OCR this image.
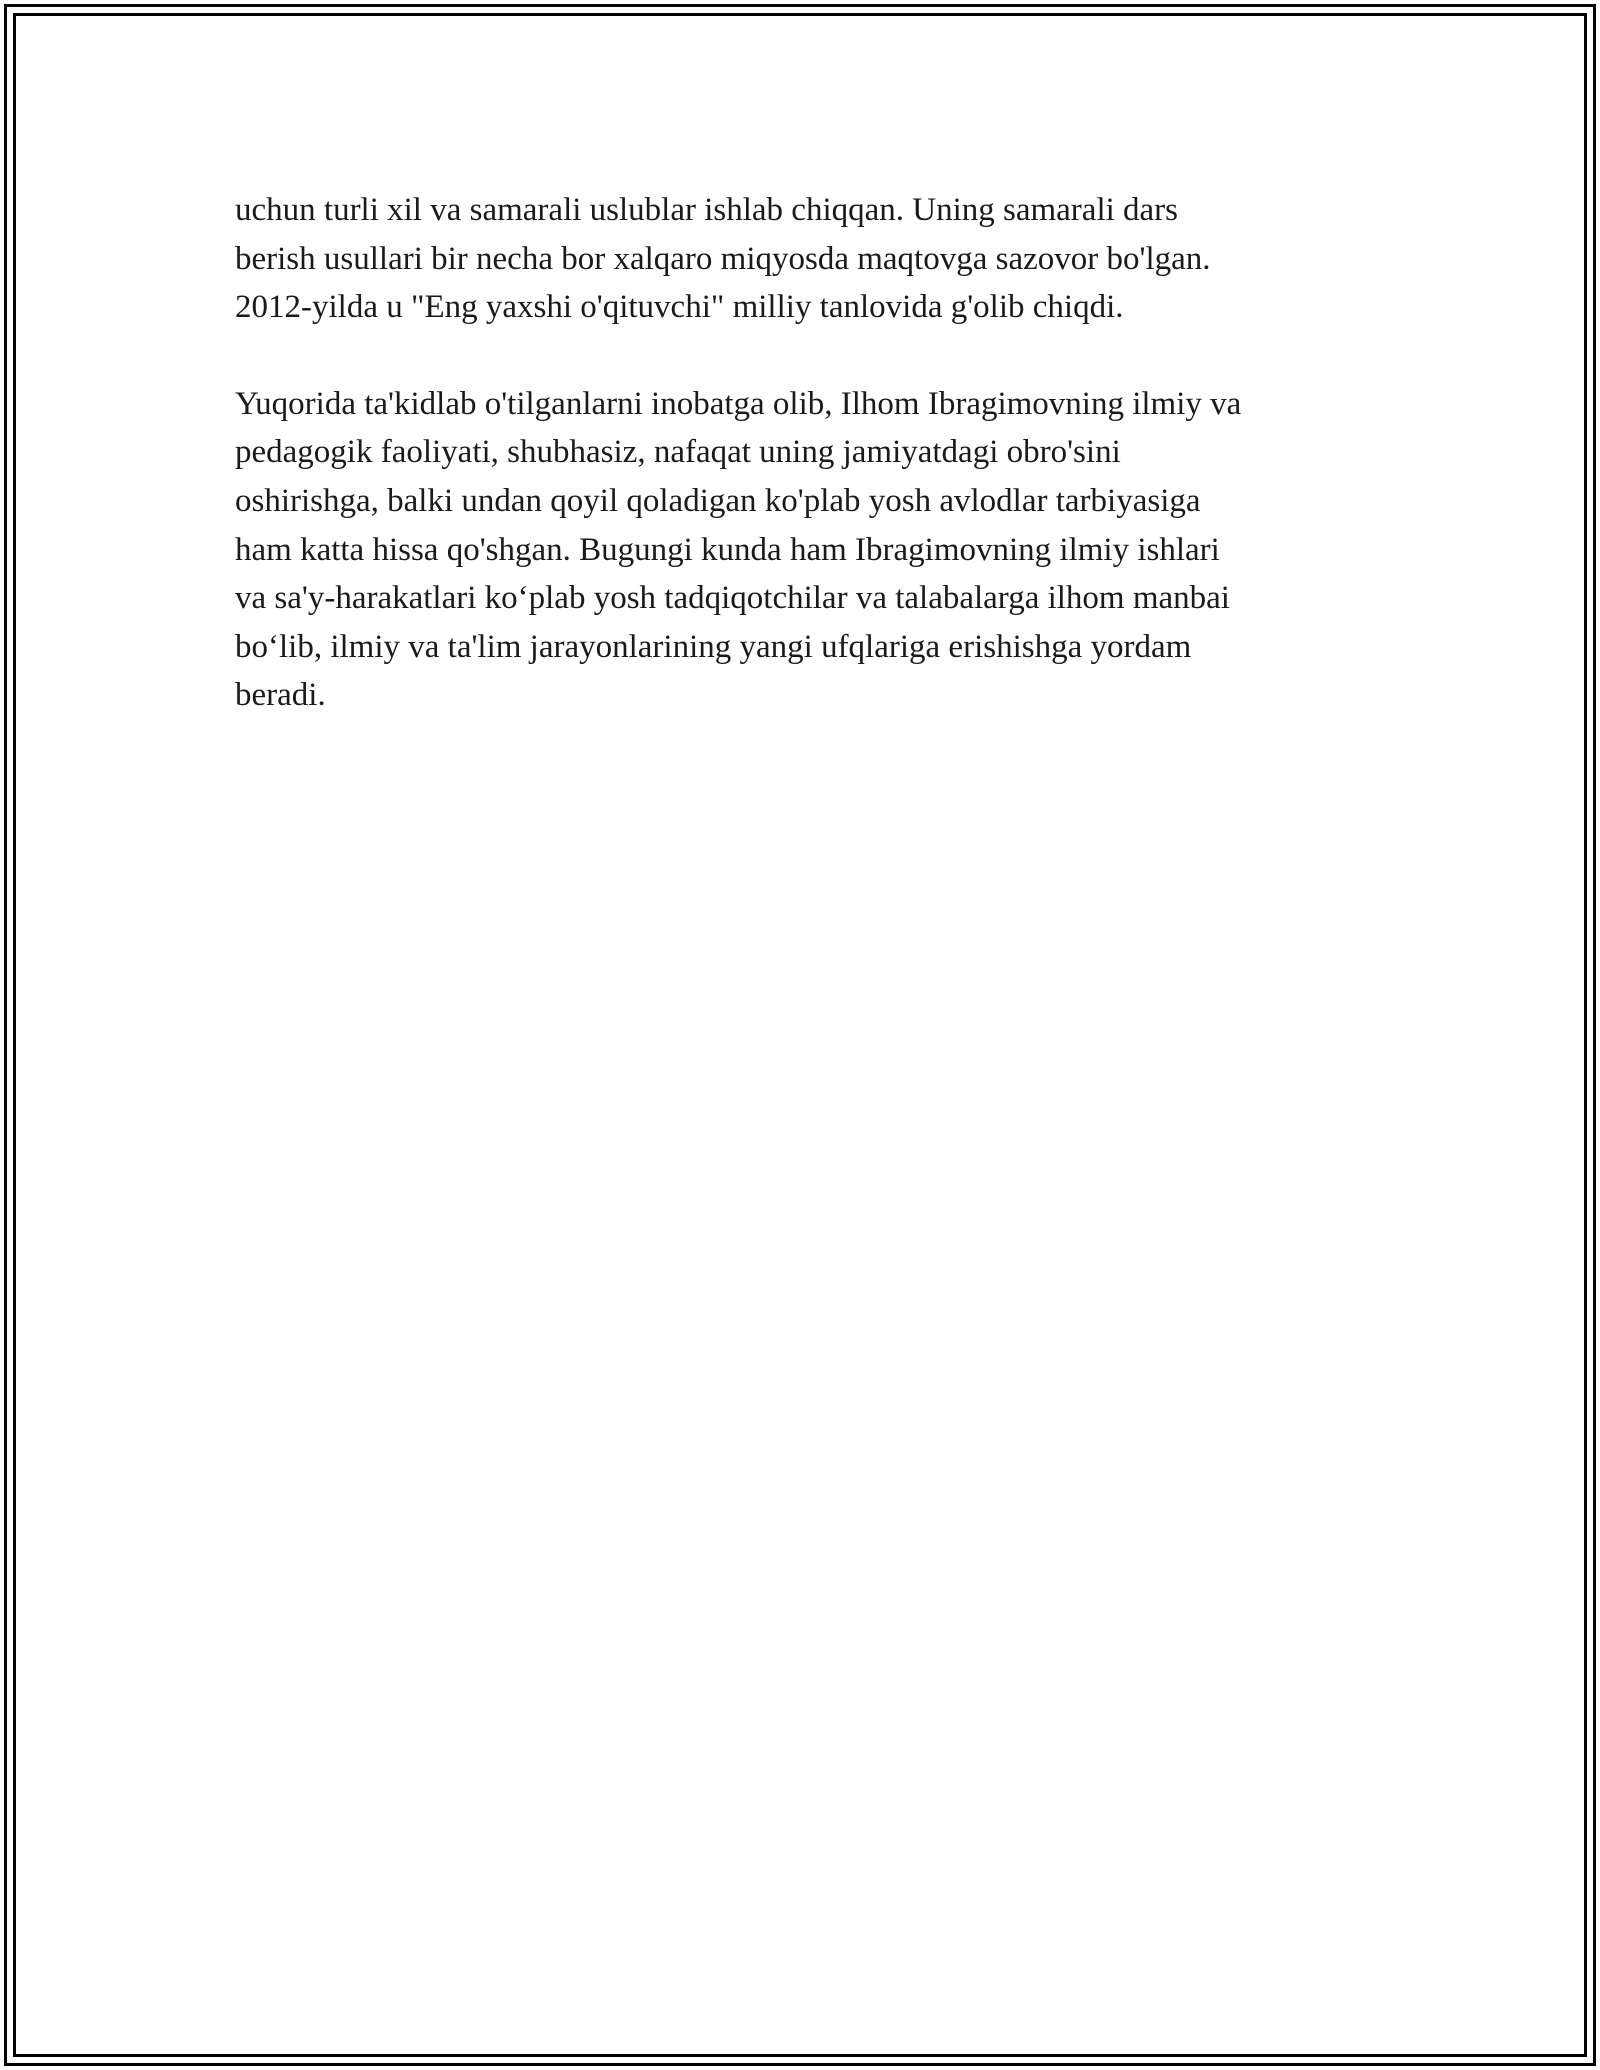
uchun turli xil va samarali uslublar ishlab chiqqan. Uning samarali dars
berish usullari bir necha bor xalqaro miqyosda maqtovga sazovor bo'lgan.
2012-yilda u "Eng yaxshi o'qituvchi" milliy tanlovida g'olib chiqdi.

Yuqorida ta'kidlab o'tilganlarni inobatga olib, Ilhom Ibragimovning ilmiy va
pedagogik faoliyati, shubhasiz, nafaqat uning jamiyatdagi obro'sini
oshirishga, balki undan qoyil qoladigan ko'plab yosh avlodlar tarbiyasiga
ham katta hissa qo'shgan. Bugungi kunda ham Ibragimovning ilmiy ishlari
va sa'y-harakatlari ko‘plab yosh tadqiqotchilar va talabalarga ilhom manbai
bo‘lib, ilmiy va ta'lim jarayonlarining yangi ufqlariga erishishga yordam
beradi.
